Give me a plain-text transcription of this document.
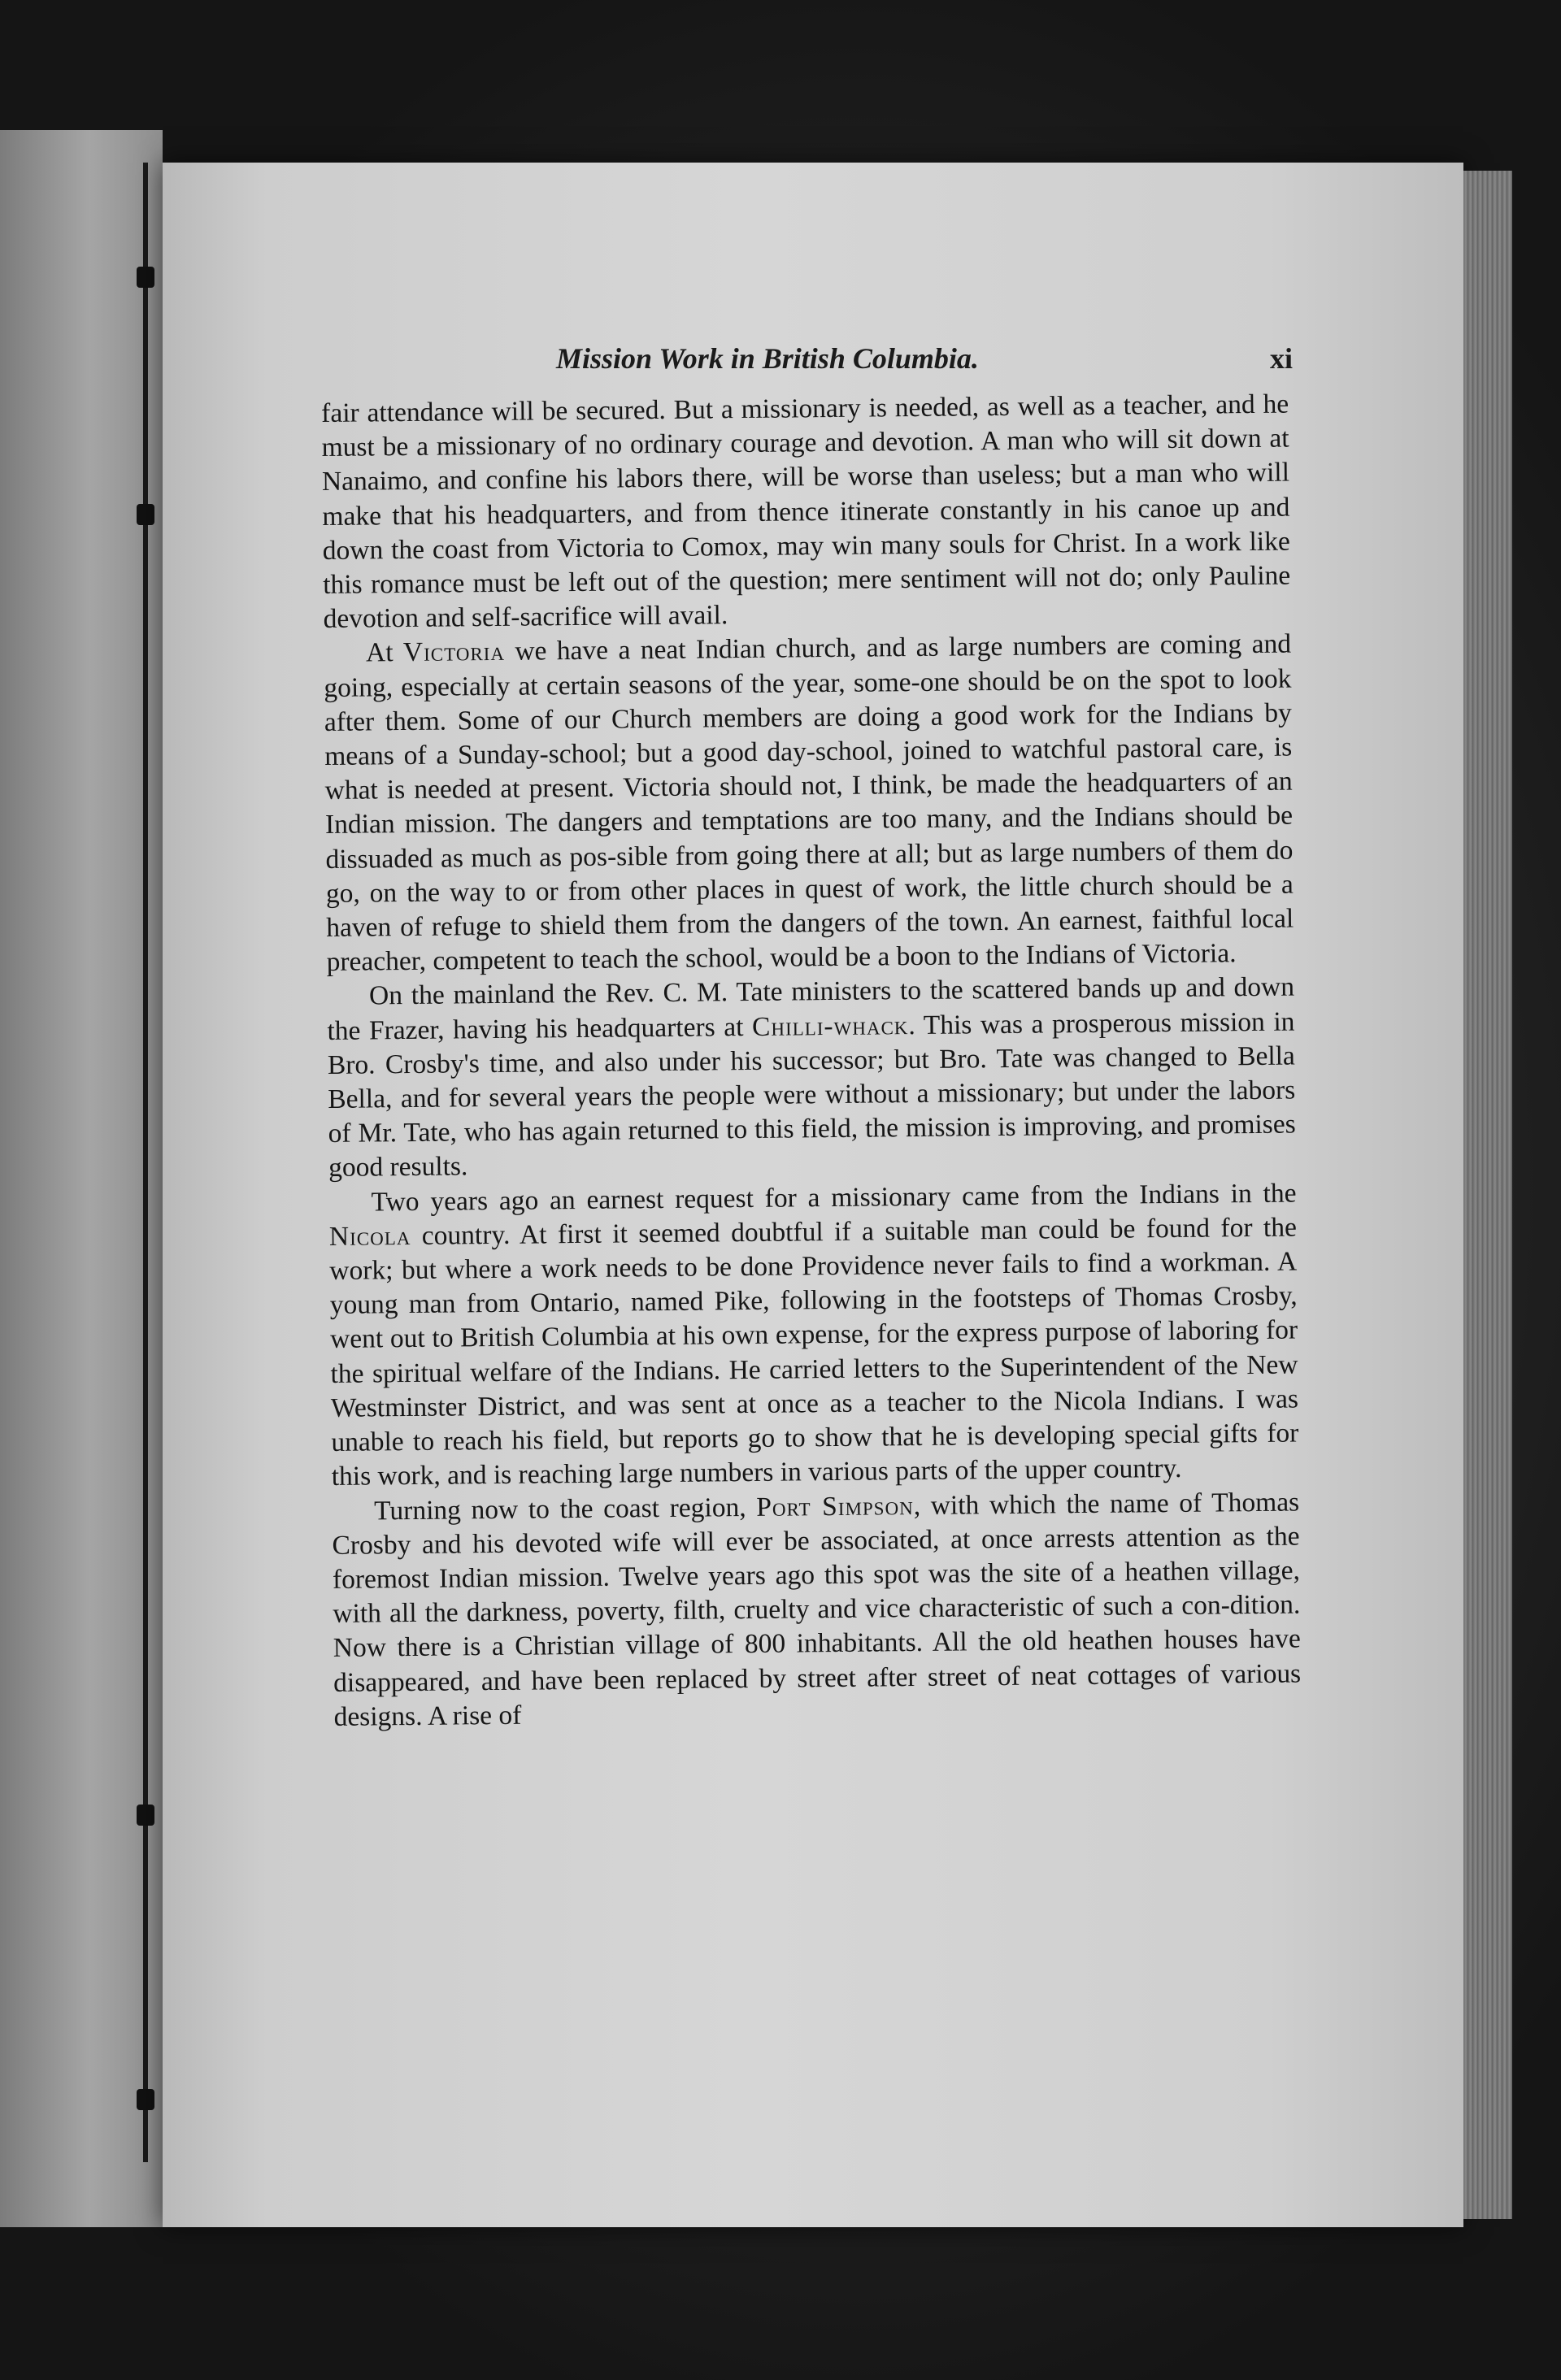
Mission Work in British Columbia.	xi

fair attendance will be secured. But a missionary is needed, as well as a teacher, and he must be a missionary of no ordinary courage and devotion. A man who will sit down at Nanaimo, and confine his labors there, will be worse than useless; but a man who will make that his headquarters, and from thence itinerate constantly in his canoe up and down the coast from Victoria to Comox, may win many souls for Christ. In a work like this romance must be left out of the question; mere sentiment will not do; only Pauline devotion and self-sacrifice will avail.

At Victoria we have a neat Indian church, and as large numbers are coming and going, especially at certain seasons of the year, some-one should be on the spot to look after them. Some of our Church members are doing a good work for the Indians by means of a Sunday-school; but a good day-school, joined to watchful pastoral care, is what is needed at present. Victoria should not, I think, be made the headquarters of an Indian mission. The dangers and temptations are too many, and the Indians should be dissuaded as much as pos-sible from going there at all; but as large numbers of them do go, on the way to or from other places in quest of work, the little church should be a haven of refuge to shield them from the dangers of the town. An earnest, faithful local preacher, competent to teach the school, would be a boon to the Indians of Victoria.

On the mainland the Rev. C. M. Tate ministers to the scattered bands up and down the Frazer, having his headquarters at Chilli-whack. This was a prosperous mission in Bro. Crosby's time, and also under his successor; but Bro. Tate was changed to Bella Bella, and for several years the people were without a missionary; but under the labors of Mr. Tate, who has again returned to this field, the mission is improving, and promises good results.

Two years ago an earnest request for a missionary came from the Indians in the Nicola country. At first it seemed doubtful if a suitable man could be found for the work; but where a work needs to be done Providence never fails to find a workman. A young man from Ontario, named Pike, following in the footsteps of Thomas Crosby, went out to British Columbia at his own expense, for the express purpose of laboring for the spiritual welfare of the Indians. He carried letters to the Superintendent of the New Westminster District, and was sent at once as a teacher to the Nicola Indians. I was unable to reach his field, but reports go to show that he is developing special gifts for this work, and is reaching large numbers in various parts of the upper country.

Turning now to the coast region, Port Simpson, with which the name of Thomas Crosby and his devoted wife will ever be associated, at once arrests attention as the foremost Indian mission. Twelve years ago this spot was the site of a heathen village, with all the darkness, poverty, filth, cruelty and vice characteristic of such a con-dition. Now there is a Christian village of 800 inhabitants. All the old heathen houses have disappeared, and have been replaced by street after street of neat cottages of various designs. A rise of
